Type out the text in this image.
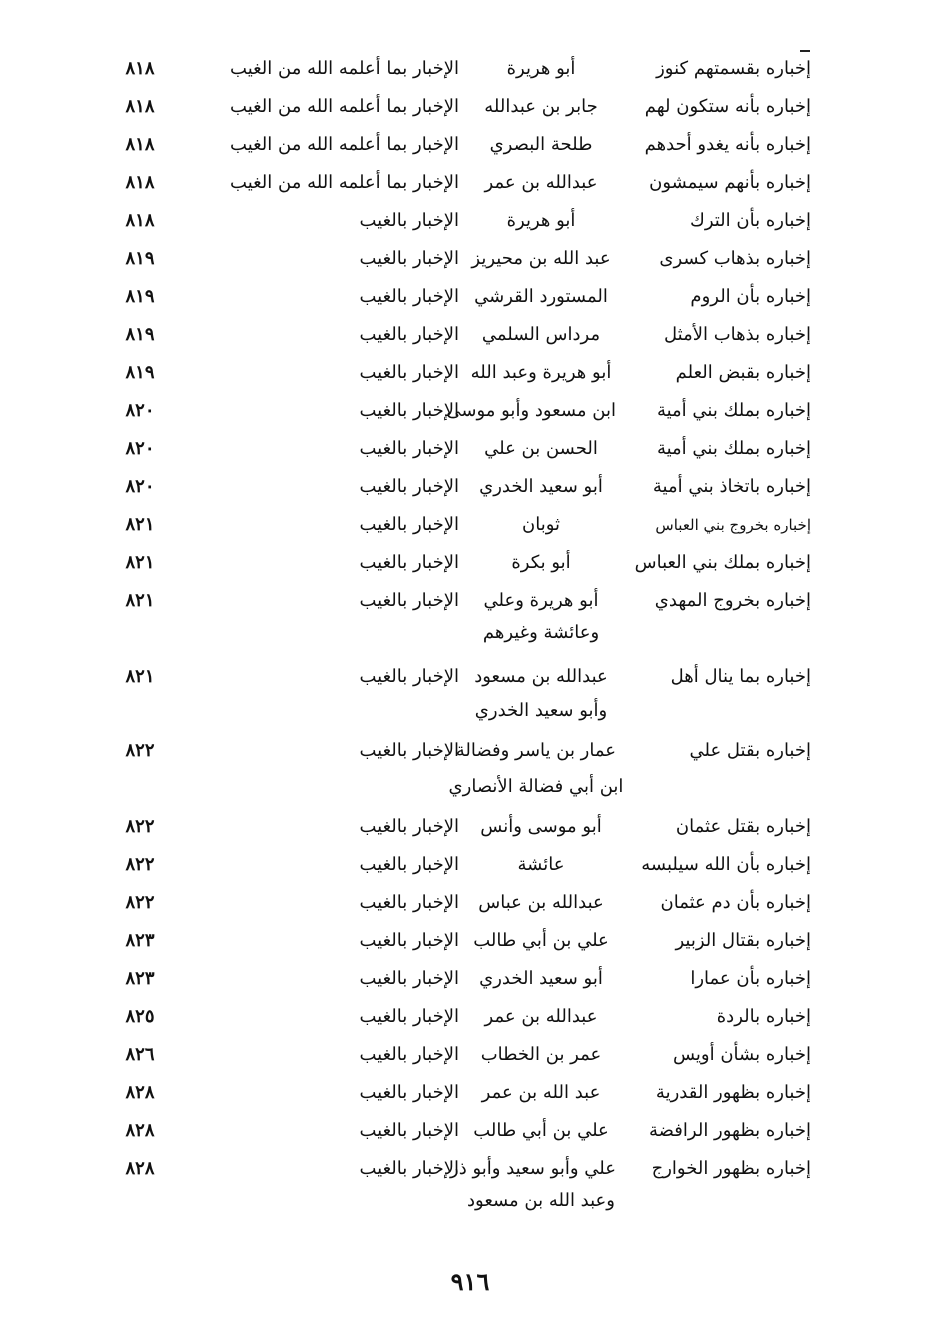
إخباره بقسمتهم كنوز
أبو هريرة
الإخبار بما أعلمه الله من الغيب
٨١٨
إخباره بأنه ستكون لهم
جابر بن عبدالله
الإخبار بما أعلمه الله من الغيب
٨١٨
إخباره بأنه يغدو أحدهم
طلحة البصري
الإخبار بما أعلمه الله من الغيب
٨١٨
إخباره بأنهم سيمشون
عبدالله بن عمر
الإخبار بما أعلمه الله من الغيب
٨١٨
إخباره بأن الترك
أبو هريرة
الإخبار بالغيب
٨١٨
إخباره بذهاب كسرى
عبد الله بن محيريز
الإخبار بالغيب
٨١٩
إخباره بأن الروم
المستورد القرشي
الإخبار بالغيب
٨١٩
إخباره بذهاب الأمثل
مرداس السلمي
الإخبار بالغيب
٨١٩
إخباره بقبض العلم
أبو هريرة وعبد الله
الإخبار بالغيب
٨١٩
إخباره بملك بني أمية
ابن مسعود وأبو موسى
الإخبار بالغيب
٨٢٠
إخباره بملك بني أمية
الحسن بن علي
الإخبار بالغيب
٨٢٠
إخباره باتخاذ بني أمية
أبو سعيد الخدري
الإخبار بالغيب
٨٢٠
إخباره بخروج بني العباس
ثوبان
الإخبار بالغيب
٨٢١
إخباره بملك بني العباس
أبو بكرة
الإخبار بالغيب
٨٢١
إخباره بخروج المهدي
أبو هريرة وعلي
الإخبار بالغيب
٨٢١
وعائشة وغيرهم
إخباره بما ينال أهل
عبدالله بن مسعود
الإخبار بالغيب
٨٢١
وأبو سعيد الخدري
إخباره بقتل علي
عمار بن ياسر وفضالة
الإخبار بالغيب
٨٢٢
ابن أبي فضالة الأنصاري
إخباره بقتل عثمان
أبو موسى وأنس
الإخبار بالغيب
٨٢٢
إخباره بأن الله سيلبسه
عائشة
الإخبار بالغيب
٨٢٢
إخباره بأن دم عثمان
عبدالله بن عباس
الإخبار بالغيب
٨٢٢
إخباره بقتال الزبير
علي بن أبي طالب
الإخبار بالغيب
٨٢٣
إخباره بأن عمارا
أبو سعيد الخدري
الإخبار بالغيب
٨٢٣
إخباره بالردة
عبدالله بن عمر
الإخبار بالغيب
٨٢٥
إخباره بشأن أويس
عمر بن الخطاب
الإخبار بالغيب
٨٢٦
إخباره بظهور القدرية
عبد الله بن عمر
الإخبار بالغيب
٨٢٨
إخباره بظهور الرافضة
علي بن أبي طالب
الإخبار بالغيب
٨٢٨
إخباره بظهور الخوارج
علي وأبو سعيد وأبو ذر
الإخبار بالغيب
٨٢٨
وعبد الله بن مسعود
٩١٦
